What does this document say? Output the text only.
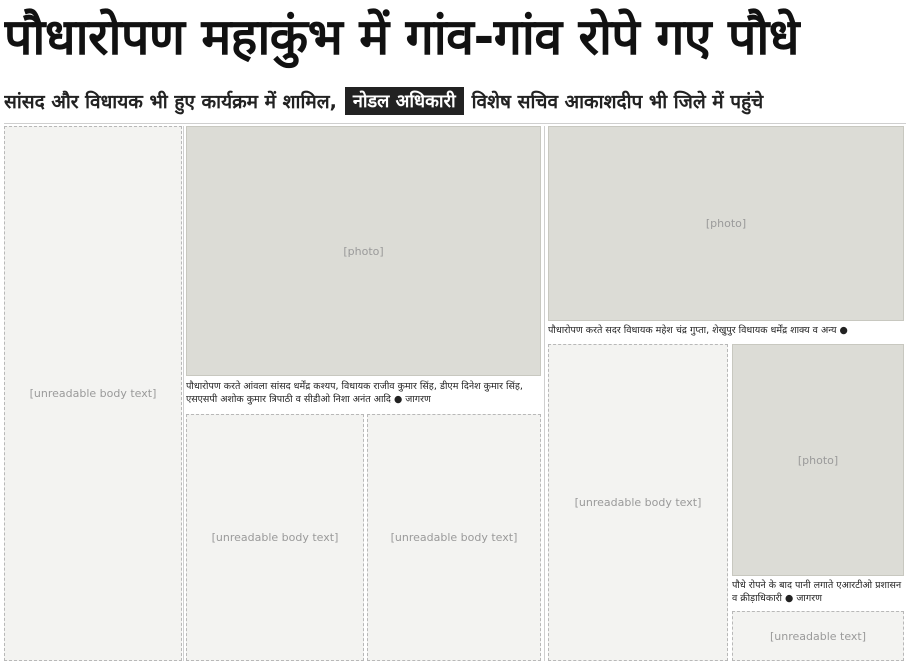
पौधारोपण महाकुंभ में गांव-गांव रोपे गए पौधे
सांसद और विधायक भी हुए कार्यक्रम में शामिल, नोडल अधिकारी विशेष सचिव आकाशदीप भी जिले में पहुंचे
[unreadable body text]
[photo]
पौधारोपण करते आंवला सांसद धर्मेंद्र कश्यप, विधायक राजीव कुमार सिंह, डीएम दिनेश कुमार सिंह, एसएसपी अशोक कुमार त्रिपाठी व सीडीओ निशा अनंत आदि ● जागरण
[unreadable body text]	[unreadable body text]
[photo]
पौधारोपण करते सदर विधायक महेश चंद्र गुप्ता, शेखुपुर विधायक धर्मेंद्र शाक्य व अन्य ●
[unreadable body text]
[photo]
पौधे रोपने के बाद पानी लगाते एआरटीओ प्रशासन व क्रीड़ाधिकारी ● जागरण
[unreadable text]
